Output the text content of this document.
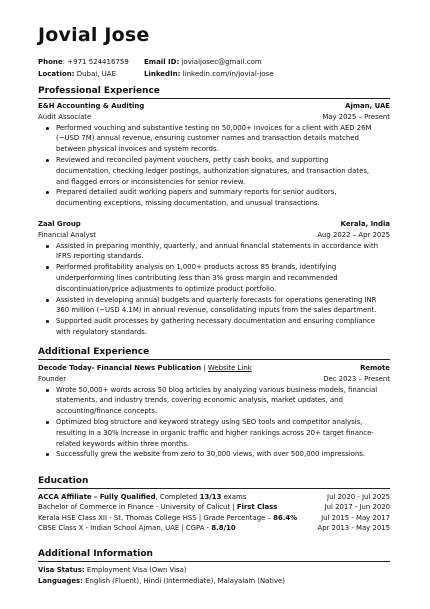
Jovial Jose
Phone: +971 524416759
Location: Dubai, UAE
Email ID: jovialjosec@gmail.com
LinkedIn: linkedin.com/in/jovial-jose
Professional Experience
E&H Accounting & Auditing	Ajman, UAE
Audit Associate	May 2025 – Present
Performed vouching and substantive testing on 50,000+ invoices for a client with AED 26M
(~USD 7M) annual revenue, ensuring customer names and transaction details matched
between physical invoices and system records.
Reviewed and reconciled payment vouchers, petty cash books, and supporting
documentation, checking ledger postings, authorization signatures, and transaction dates,
and flagged errors or inconsistencies for senior review.
Prepared detailed audit working papers and summary reports for senior auditors,
documenting exceptions, missing documentation, and unusual transactions.
Zaal Group	Kerala, India
Financial Analyst	Aug 2022 – Apr 2025
Assisted in preparing monthly, quarterly, and annual financial statements in accordance with
IFRS reporting standards.
Performed profitability analysis on 1,000+ products across 85 brands, identifying
underperforming lines contributing less than 3% gross margin and recommended
discontinuation/price adjustments to optimize product portfolio.
Assisted in developing annual budgets and quarterly forecasts for operations generating INR
360 million (~USD 4.1M) in annual revenue, consolidating inputs from the sales department.
Supported audit processes by gathering necessary documentation and ensuring compliance
with regulatory standards.
Additional Experience
Decode Today- Financial News Publication | Website Link	Remote
Founder	Dec 2023 – Present
Wrote 50,000+ words across 50 blog articles by analyzing various business models, financial
statements, and industry trends, covering economic analysis, market updates, and
accounting/finance concepts.
Optimized blog structure and keyword strategy using SEO tools and competitor analysis,
resulting in a 30% increase in organic traffic and higher rankings across 20+ target finance-
related keywords within three months.
Successfully grew the website from zero to 30,000 views, with over 500,000 impressions.
Education
ACCA Affiliate – Fully Qualified, Completed 13/13 exams	Jul 2020 - Jul 2025
Bachelor of Commerce in Finance - University of Calicut | First Class	Jul 2017 - Jun 2020
Kerala HSE Class XII - St. Thomas College HSS | Grade Percentage – 86.4%	Jul 2015 - May 2017
CBSE Class X - Indian School Ajman, UAE | CGPA - 8.8/10	Apr 2013 - May 2015
Additional Information
Visa Status: Employment Visa (Own Visa)
Languages: English (Fluent), Hindi (Intermediate), Malayalam (Native)
